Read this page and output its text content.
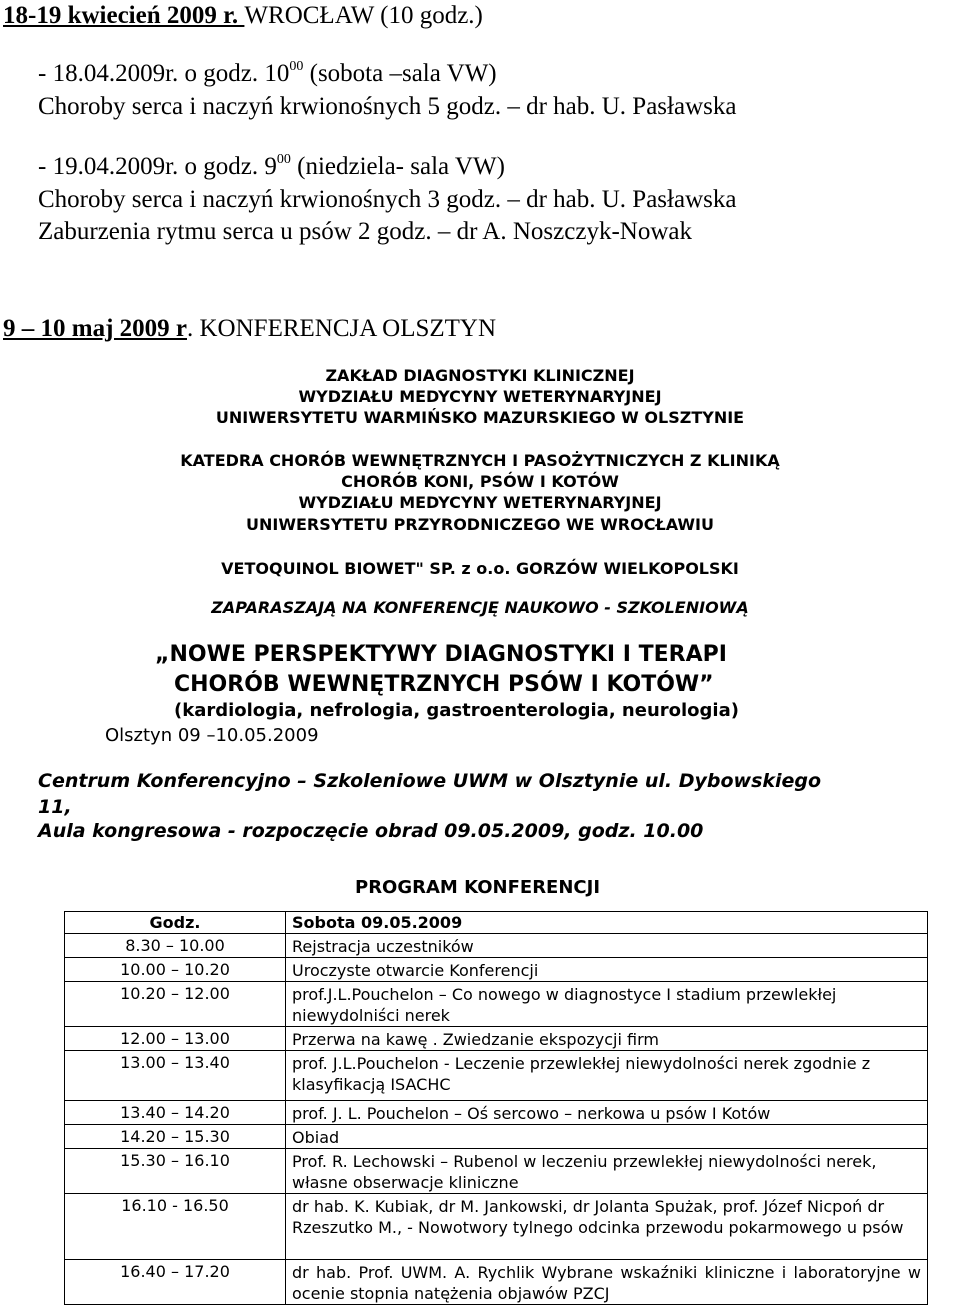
18-19 kwiecień 2009 r. WROCŁAW (10 godz.)
- 18.04.2009r. o godz. $10^{00}$ (sobota –sala VW)
Choroby serca i naczyń krwionośnych 5 godz. – dr hab. U. Pasławska
- 19.04.2009r. o godz. $9^{00}$ (niedziela- sala VW)
Choroby serca i naczyń krwionośnych 3 godz. – dr hab. U. Pasławska
Zaburzenia rytmu serca u psów 2 godz. – dr A. Noszczyk-Nowak
9 – 10 maj 2009 r. KONFERENCJA OLSZTYN
ZAKŁAD DIAGNOSTYKI KLINICZNEJ
WYDZIAŁU MEDYCYNY WETERYNARYJNEJ
UNIWERSYTETU WARMIŃSKO MAZURSKIEGO W OLSZTYNIE
KATEDRA CHORÓB WEWNĘTRZNYCH I PASOŻYTNICZYCH Z KLINIKĄ
CHORÓB KONI, PSÓW I KOTÓW
WYDZIAŁU MEDYCYNY WETERYNARYJNEJ
UNIWERSYTETU PRZYRODNICZEGO WE WROCŁAWIU
VETOQUINOL BIOWET" SP. z o.o. GORZÓW WIELKOPOLSKI
ZAPARASZAJĄ NA KONFERENCJĘ NAUKOWO - SZKOLENIOWĄ
„NOWE PERSPEKTYWY DIAGNOSTYKI I TERAPI
CHORÓB WEWNĘTRZNYCH PSÓW I KOTÓW”
(kardiologia, nefrologia, gastroenterologia, neurologia)
Olsztyn 09 –10.05.2009
Centrum Konferencyjno – Szkoleniowe UWM w Olsztynie ul. Dybowskiego
11,
Aula kongresowa - rozpoczęcie obrad 09.05.2009, godz. 10.00
PROGRAM KONFERENCJI
Godz.	Sobota 09.05.2009
8.30 – 10.00	Rejstracja uczestników
10.00 – 10.20	Uroczyste otwarcie Konferencji
10.20 – 12.00	prof.J.L.Pouchelon – Co nowego w diagnostyce I stadium przewlekłej niewydolniści nerek
12.00 – 13.00	Przerwa na kawę . Zwiedzanie ekspozycji firm
13.00 – 13.40	prof. J.L.Pouchelon - Leczenie przewlekłej niewydolności nerek zgodnie z klasyfikacją ISACHC
13.40 – 14.20	prof. J. L. Pouchelon – Oś sercowo – nerkowa u psów I Kotów
14.20 – 15.30	Obiad
15.30 – 16.10	Prof. R. Lechowski – Rubenol w leczeniu przewlekłej niewydolności nerek, własne obserwacje kliniczne
16.10 - 16.50	dr hab. K. Kubiak, dr M. Jankowski, dr Jolanta Spużak, prof. Józef Nicpoń dr Rzeszutko M., - Nowotwory tylnego odcinka przewodu pokarmowego u psów
16.40 – 17.20	dr hab. Prof. UWM. A. Rychlik Wybrane wskaźniki kliniczne i laboratoryjne w ocenie stopnia natężenia objawów PZCJ
